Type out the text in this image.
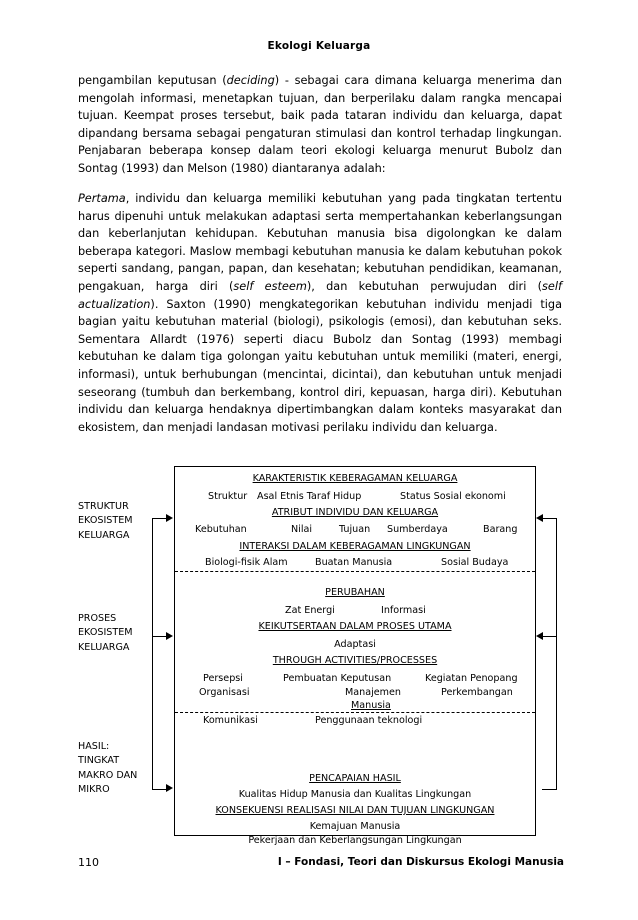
Ekologi Keluarga

pengambilan keputusan (deciding) - sebagai cara dimana keluarga menerima dan mengolah informasi, menetapkan tujuan, dan berperilaku dalam rangka mencapai tujuan. Keempat proses tersebut, baik pada tataran individu dan keluarga, dapat dipandang bersama sebagai pengaturan stimulasi dan kontrol terhadap lingkungan. Penjabaran beberapa konsep dalam teori ekologi keluarga menurut Bubolz dan Sontag (1993) dan Melson (1980) diantaranya adalah:

Pertama, individu dan keluarga memiliki kebutuhan yang pada tingkatan tertentu harus dipenuhi untuk melakukan adaptasi serta mempertahankan keberlangsungan dan keberlanjutan kehidupan. Kebutuhan manusia bisa digolongkan ke dalam beberapa kategori. Maslow membagi kebutuhan manusia ke dalam kebutuhan pokok seperti sandang, pangan, papan, dan kesehatan; kebutuhan pendidikan, keamanan, pengakuan, harga diri (self esteem), dan kebutuhan perwujudan diri (self actualization). Saxton (1990) mengkategorikan kebutuhan individu menjadi tiga bagian yaitu kebutuhan material (biologi), psikologis (emosi), dan kebutuhan seks. Sementara Allardt (1976) seperti diacu Bubolz dan Sontag (1993) membagi kebutuhan ke dalam tiga golongan yaitu kebutuhan untuk memiliki (materi, energi, informasi), untuk berhubungan (mencintai, dicintai), dan kebutuhan untuk menjadi seseorang (tumbuh dan berkembang, kontrol diri, kepuasan, harga diri). Kebutuhan individu dan keluarga hendaknya dipertimbangkan dalam konteks masyarakat dan ekosistem, dan menjadi landasan motivasi perilaku individu dan keluarga.

STRUKTUR
EKOSISTEM
KELUARGA
PROSES
EKOSISTEM
KELUARGA
HASIL:
TINGKAT
MAKRO DAN
MIKRO
KARAKTERISTIK KEBERAGAMAN KELUARGA
Struktur Asal Etnis Taraf Hidup	Status Sosial ekonomi
ATRIBUT INDIVIDU DAN KELUARGA
Kebutuhan	Nilai	Tujuan Sumberdaya	Barang
INTERAKSI DALAM KEBERAGAMAN LINGKUNGAN
Biologi-fisik Alam	Buatan Manusia	Sosial Budaya
PERUBAHAN
Zat Energi	Informasi
KEIKUTSERTAAN DALAM PROSES UTAMA
Adaptasi
THROUGH ACTIVITIES/PROCESSES
Persepsi	Pembuatan Keputusan	Kegiatan Penopang
Organisasi	Manajemen	Perkembangan
Manusia
Komunikasi	Penggunaan teknologi
PENCAPAIAN HASIL
Kualitas Hidup Manusia dan Kualitas Lingkungan
KONSEKUENSI REALISASI NILAI DAN TUJUAN LINGKUNGAN
Kemajuan Manusia
Pekerjaan dan Keberlangsungan Lingkungan
110	I – Fondasi, Teori dan Diskursus Ekologi Manusia
